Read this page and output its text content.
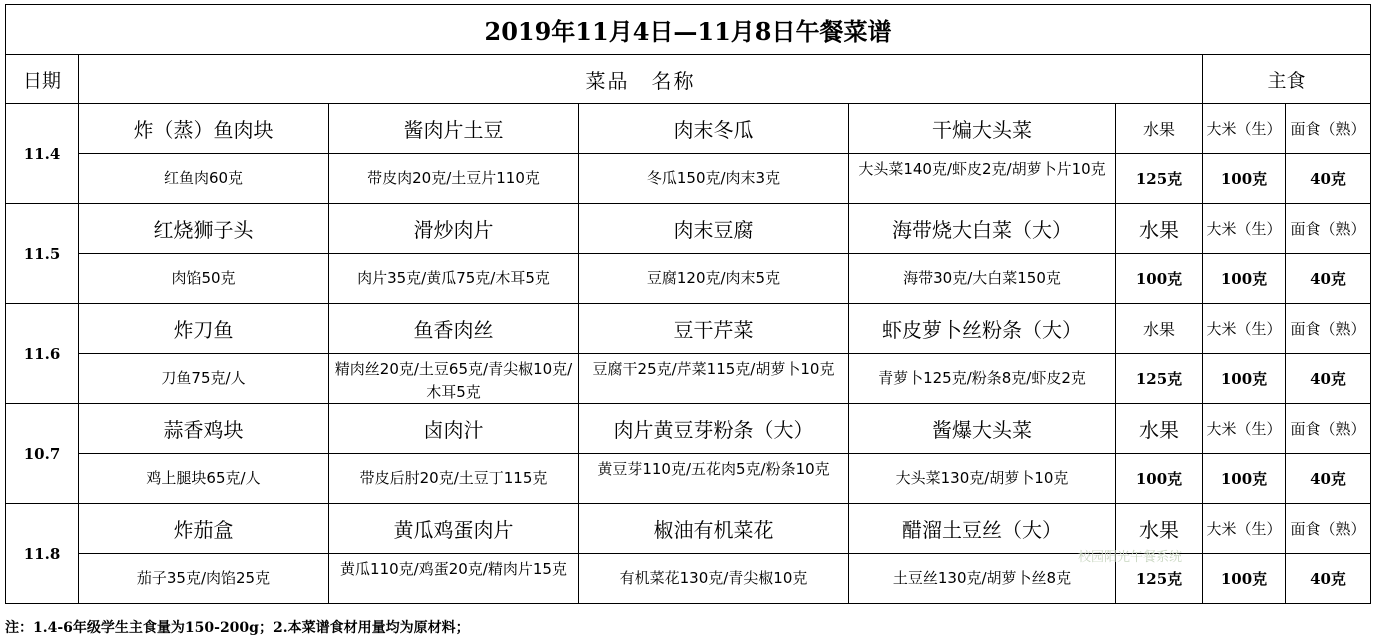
2019年11月4日—11月8日午餐菜谱							
日期	菜品　名称					主食	
11.4	炸（蒸）鱼肉块	酱肉片土豆	肉末冬瓜	干煸大头菜	水果	大米（生）	面食（熟）

红鱼肉60克	带皮肉20克/土豆片110克	冬瓜150克/肉末3克	大头菜140克/虾皮2克/胡萝卜片10克	125克	100克	40克
11.5	红烧狮子头	滑炒肉片	肉末豆腐	海带烧大白菜（大）	水果	大米（生）	面食（熟）

肉馅50克	肉片35克/黄瓜75克/木耳5克	豆腐120克/肉末5克	海带30克/大白菜150克	100克	100克	40克
11.6	炸刀鱼	鱼香肉丝	豆干芹菜	虾皮萝卜丝粉条（大）	水果	大米（生）	面食（熟）

刀鱼75克/人	精肉丝20克/土豆65克/青尖椒10克/木耳5克	豆腐干25克/芹菜115克/胡萝卜10克	青萝卜125克/粉条8克/虾皮2克	125克	100克	40克
10.7	蒜香鸡块	卤肉汁	肉片黄豆芽粉条（大）	酱爆大头菜	水果	大米（生）	面食（熟）

鸡上腿块65克/人	带皮后肘20克/土豆丁115克	黄豆芽110克/五花肉5克/粉条10克	大头菜130克/胡萝卜10克	100克	100克	40克
11.8	炸茄盒	黄瓜鸡蛋肉片	椒油有机菜花	醋溜土豆丝（大）	水果	大米（生）	面食（熟）

茄子35克/肉馅25克	黄瓜110克/鸡蛋20克/精肉片15克	有机菜花130克/青尖椒10克	土豆丝130克/胡萝卜丝8克	125克	100克	40克
注：1.4-6年级学生主食量为150-200g；2.本菜谱食材用量均为原材料；
校园阳光午餐系统
